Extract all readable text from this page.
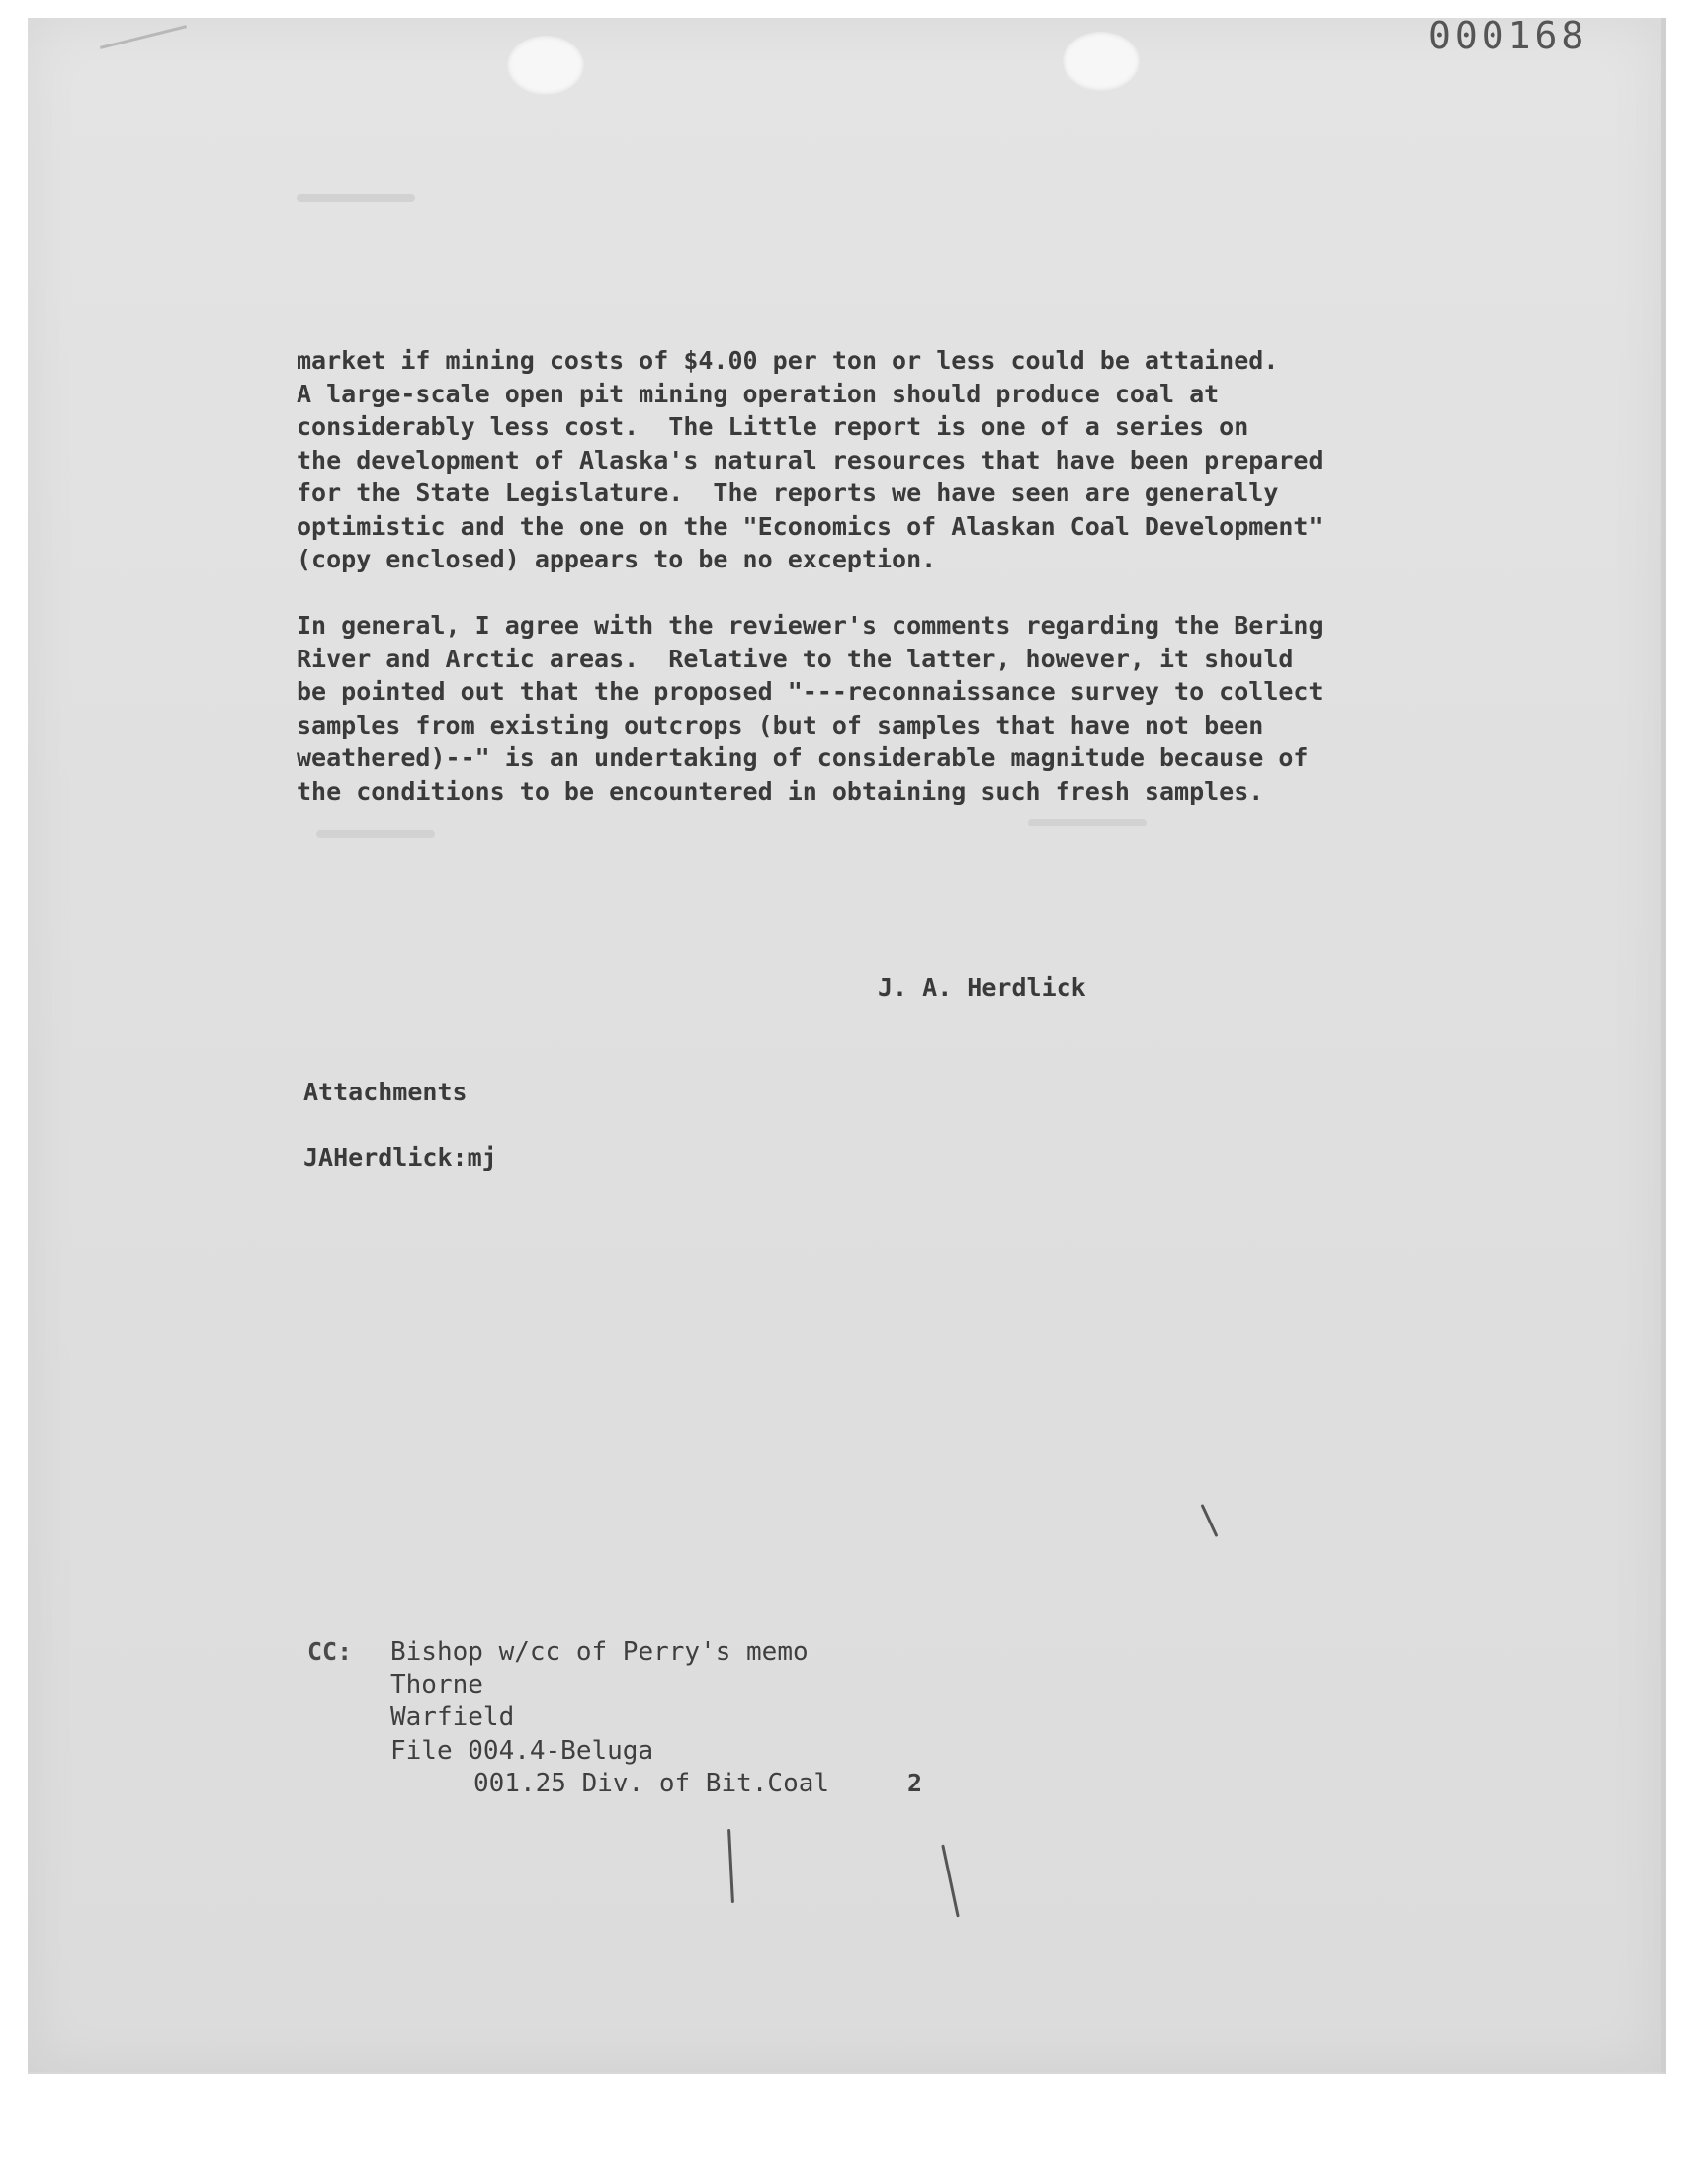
000168

market if mining costs of $4.00 per ton or less could be attained.
A large-scale open pit mining operation should produce coal at
considerably less cost.  The Little report is one of a series on
the development of Alaska's natural resources that have been prepared
for the State Legislature.  The reports we have seen are generally
optimistic and the one on the "Economics of Alaskan Coal Development"
(copy enclosed) appears to be no exception.

In general, I agree with the reviewer's comments regarding the Bering
River and Arctic areas.  Relative to the latter, however, it should
be pointed out that the proposed "---reconnaissance survey to collect
samples from existing outcrops (but of samples that have not been
weathered)--" is an undertaking of considerable magnitude because of
the conditions to be encountered in obtaining such fresh samples.

J. A. Herdlick
Attachments
JAHerdlick:mj
CC: Bishop w/cc of Perry's memo
Thorne
Warfield
File 004.4-Beluga
001.25 Div. of Bit.Coal	2
